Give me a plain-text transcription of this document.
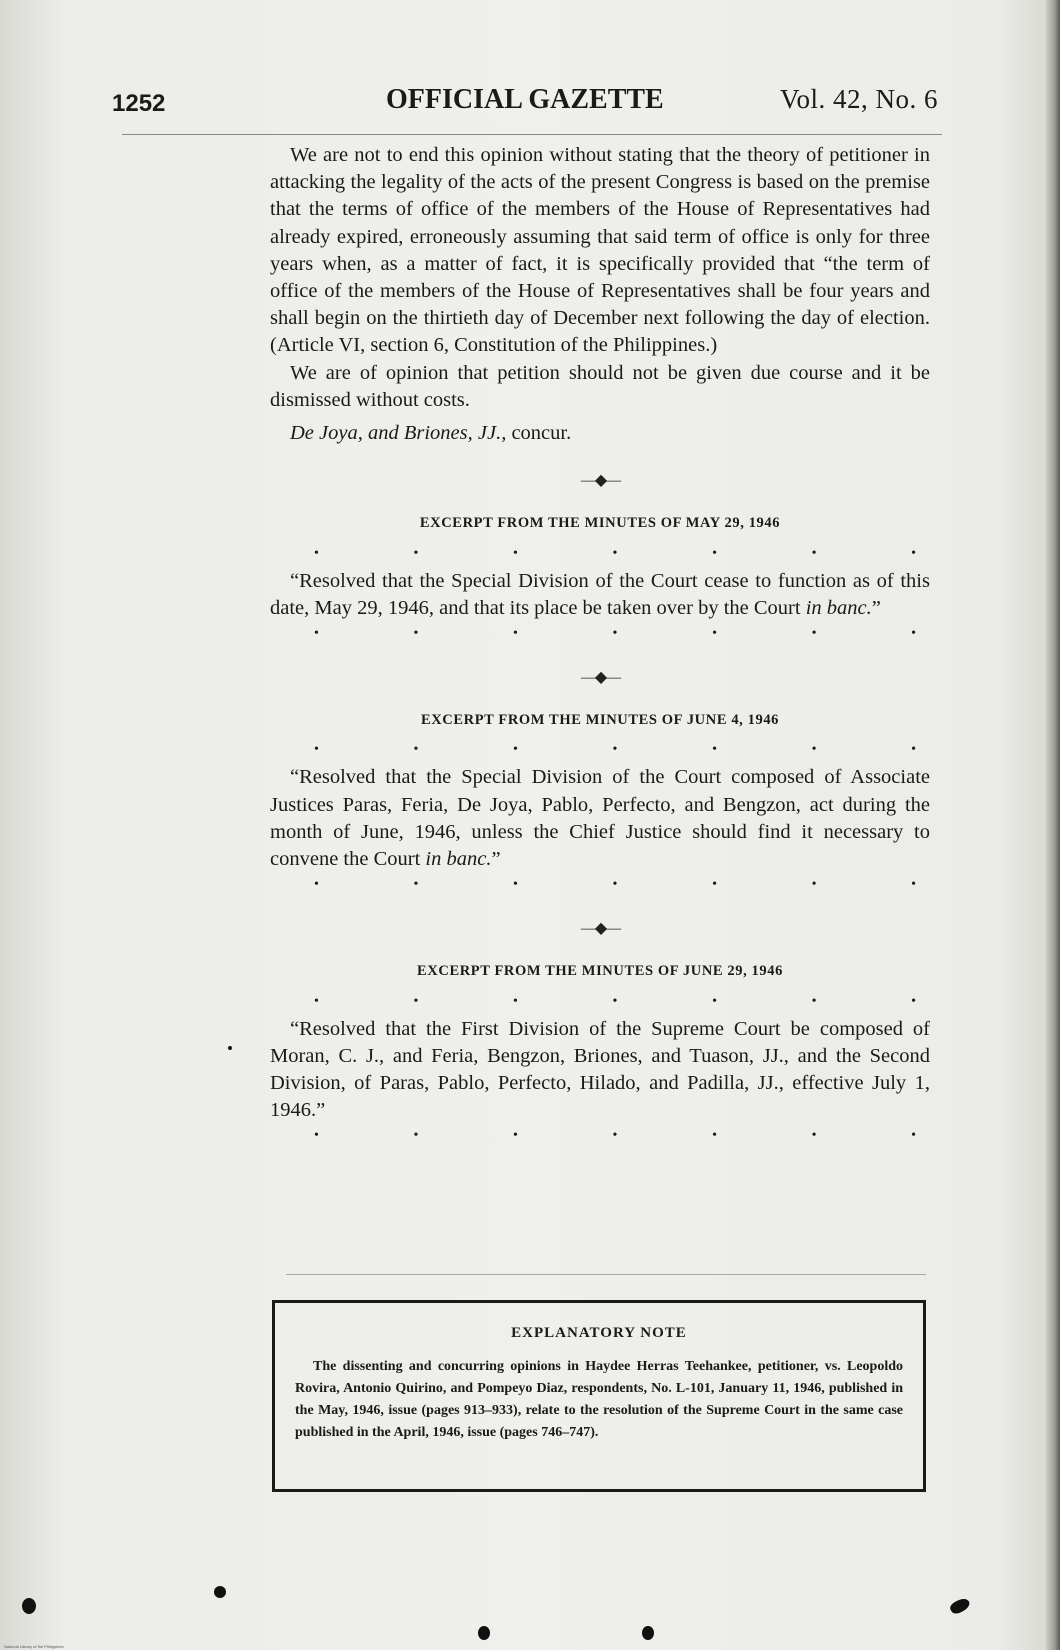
1252	OFFICIAL GAZETTE	Vol. 42, No. 6

We are not to end this opinion without stating that the theory of petitioner in attacking the legality of the acts of the present Congress is based on the premise that the terms of office of the members of the House of Representatives had already expired, erroneously assuming that said term of office is only for three years when, as a matter of fact, it is specifically provided that “the term of office of the members of the House of Representatives shall be four years and shall begin on the thirtieth day of December next following the day of election. (Article VI, section 6, Constitution of the Philippines.)

We are of opinion that petition should not be given due course and it be dismissed without costs.

De Joya, and Briones, JJ., concur.
—◆—
EXCERPT FROM THE MINUTES OF MAY 29, 1946
•	•	•	•	•	•	•

“Resolved that the Special Division of the Court cease to function as of this date, May 29, 1946, and that its place be taken over by the Court in banc.”

•	•	•	•	•	•	•
—◆—
EXCERPT FROM THE MINUTES OF JUNE 4, 1946
•	•	•	•	•	•	•

“Resolved that the Special Division of the Court composed of Associate Justices Paras, Feria, De Joya, Pablo, Perfecto, and Bengzon, act during the month of June, 1946, unless the Chief Justice should find it necessary to convene the Court in banc.”

•	•	•	•	•	•	•
—◆—
EXCERPT FROM THE MINUTES OF JUNE 29, 1946
•	•	•	•	•	•	•

“Resolved that the First Division of the Supreme Court be composed of Moran, C. J., and Feria, Bengzon, Briones, and Tuason, JJ., and the Second Division, of Paras, Pablo, Perfecto, Hilado, and Padilla, JJ., effective July 1, 1946.”

•	•	•	•	•	•	•
EXPLANATORY NOTE
The dissenting and concurring opinions in Haydee Herras Teehankee, petitioner, vs. Leopoldo Rovira, Antonio Quirino, and Pompeyo Diaz, respondents, No. L-101, January 11, 1946, published in the May, 1946, issue (pages 913–933), relate to the resolution of the Supreme Court in the same case published in the April, 1946, issue (pages 746–747).
National Library of the Philippines
